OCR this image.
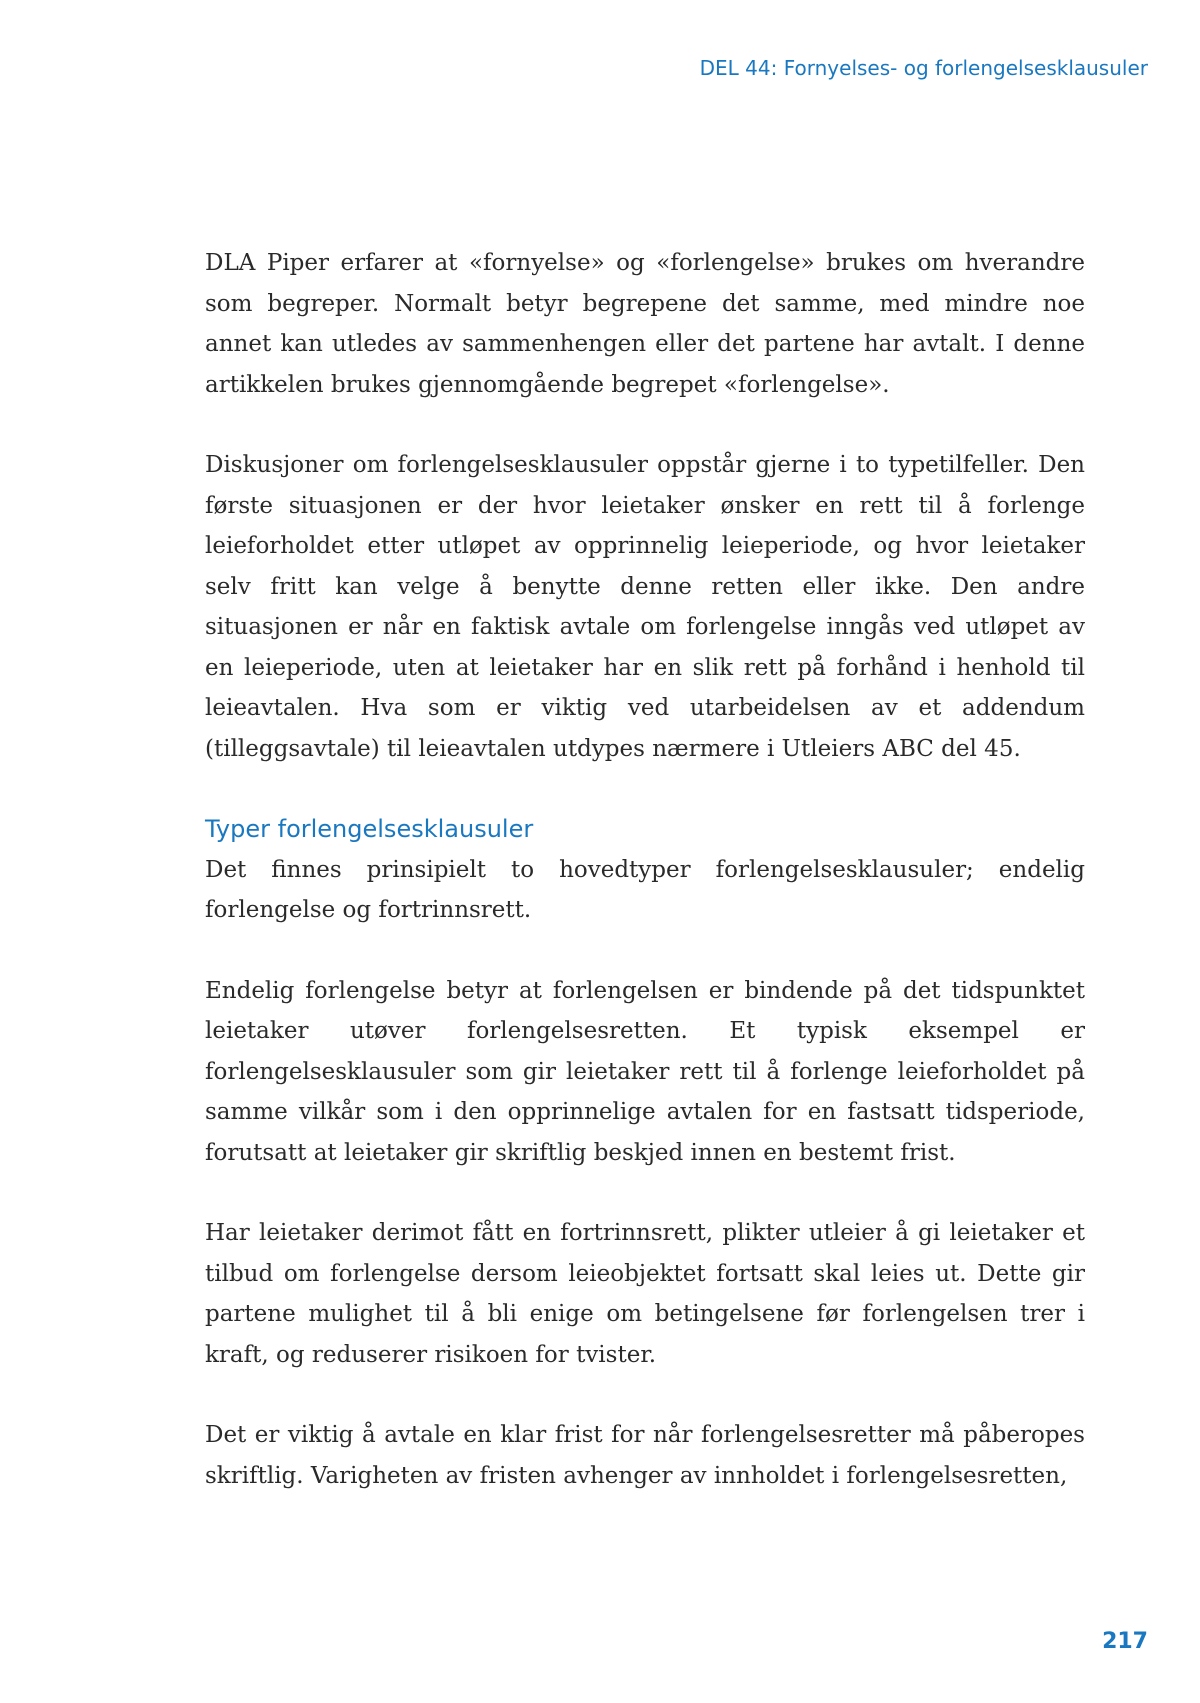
DEL 44: Fornyelses- og forlengelsesklausuler

DLA Piper erfarer at «fornyelse» og «forlengelse» brukes om hverandre som begreper. Normalt betyr begrepene det samme, med mindre noe annet kan utledes av sammenhengen eller det partene har avtalt. I denne artikkelen brukes gjennomgående begrepet «forlengelse».

Diskusjoner om forlengelsesklausuler oppstår gjerne i to typetilfeller. Den første situasjonen er der hvor leietaker ønsker en rett til å forlenge leieforholdet etter utløpet av opprinnelig leieperiode, og hvor leietaker selv fritt kan velge å benytte denne retten eller ikke. Den andre situasjonen er når en faktisk avtale om forlengelse inngås ved utløpet av en leieperiode, uten at leietaker har en slik rett på forhånd i henhold til leieavtalen. Hva som er viktig ved utarbeidelsen av et addendum (tilleggsavtale) til leieavtalen utdypes nærmere i Utleiers ABC del 45.

Typer forlengelsesklausuler

Det finnes prinsipielt to hovedtyper forlengelsesklausuler; endelig forlengelse og fortrinnsrett.

Endelig forlengelse betyr at forlengelsen er bindende på det tidspunktet leietaker utøver forlengelsesretten. Et typisk eksempel er forlengelsesklausuler som gir leietaker rett til å forlenge leieforholdet på samme vilkår som i den opprinnelige avtalen for en fastsatt tidsperiode, forutsatt at leietaker gir skriftlig beskjed innen en bestemt frist.

Har leietaker derimot fått en fortrinnsrett, plikter utleier å gi leietaker et tilbud om forlengelse dersom leieobjektet fortsatt skal leies ut. Dette gir partene mulighet til å bli enige om betingelsene før forlengelsen trer i kraft, og reduserer risikoen for tvister.

Det er viktig å avtale en klar frist for når forlengelsesretter må påberopes skriftlig. Varigheten av fristen avhenger av innholdet i forlengelsesretten,

217
